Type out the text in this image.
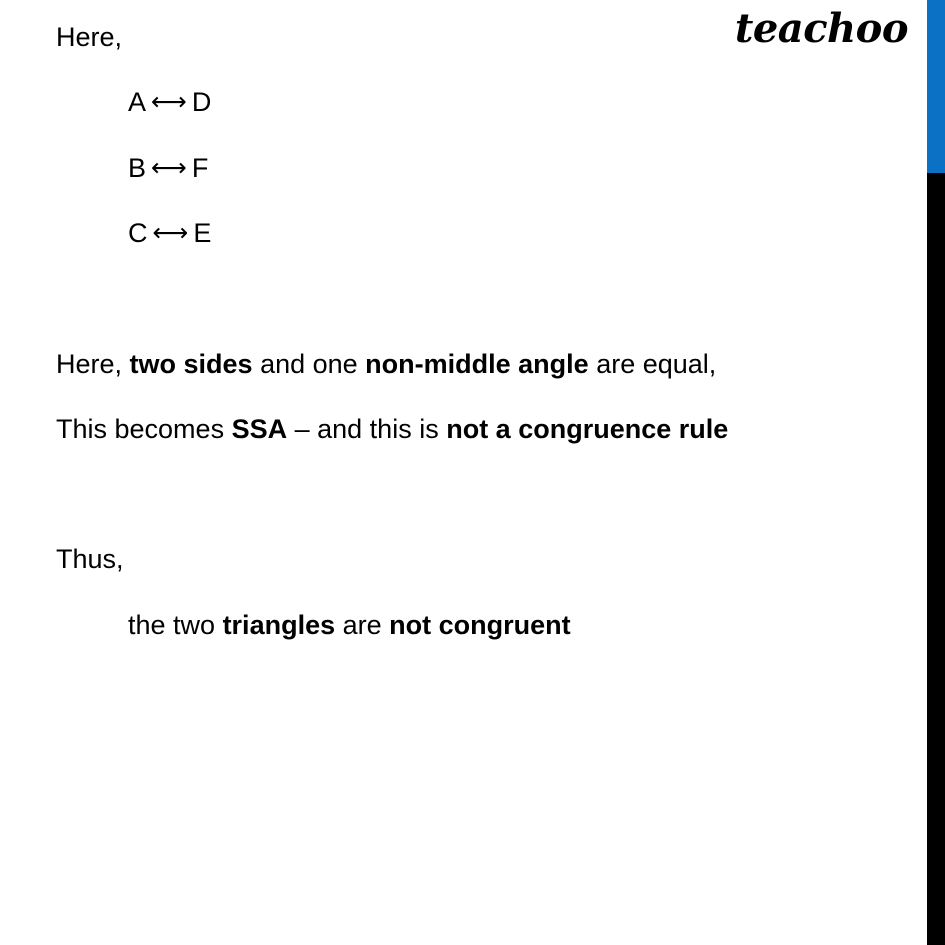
teachoo
Here,
A ⟷ D
B ⟷ F
C ⟷ E
Here, two sides and one non-middle angle are equal,
This becomes SSA – and this is not a congruence rule
Thus,
the two triangles are not congruent
